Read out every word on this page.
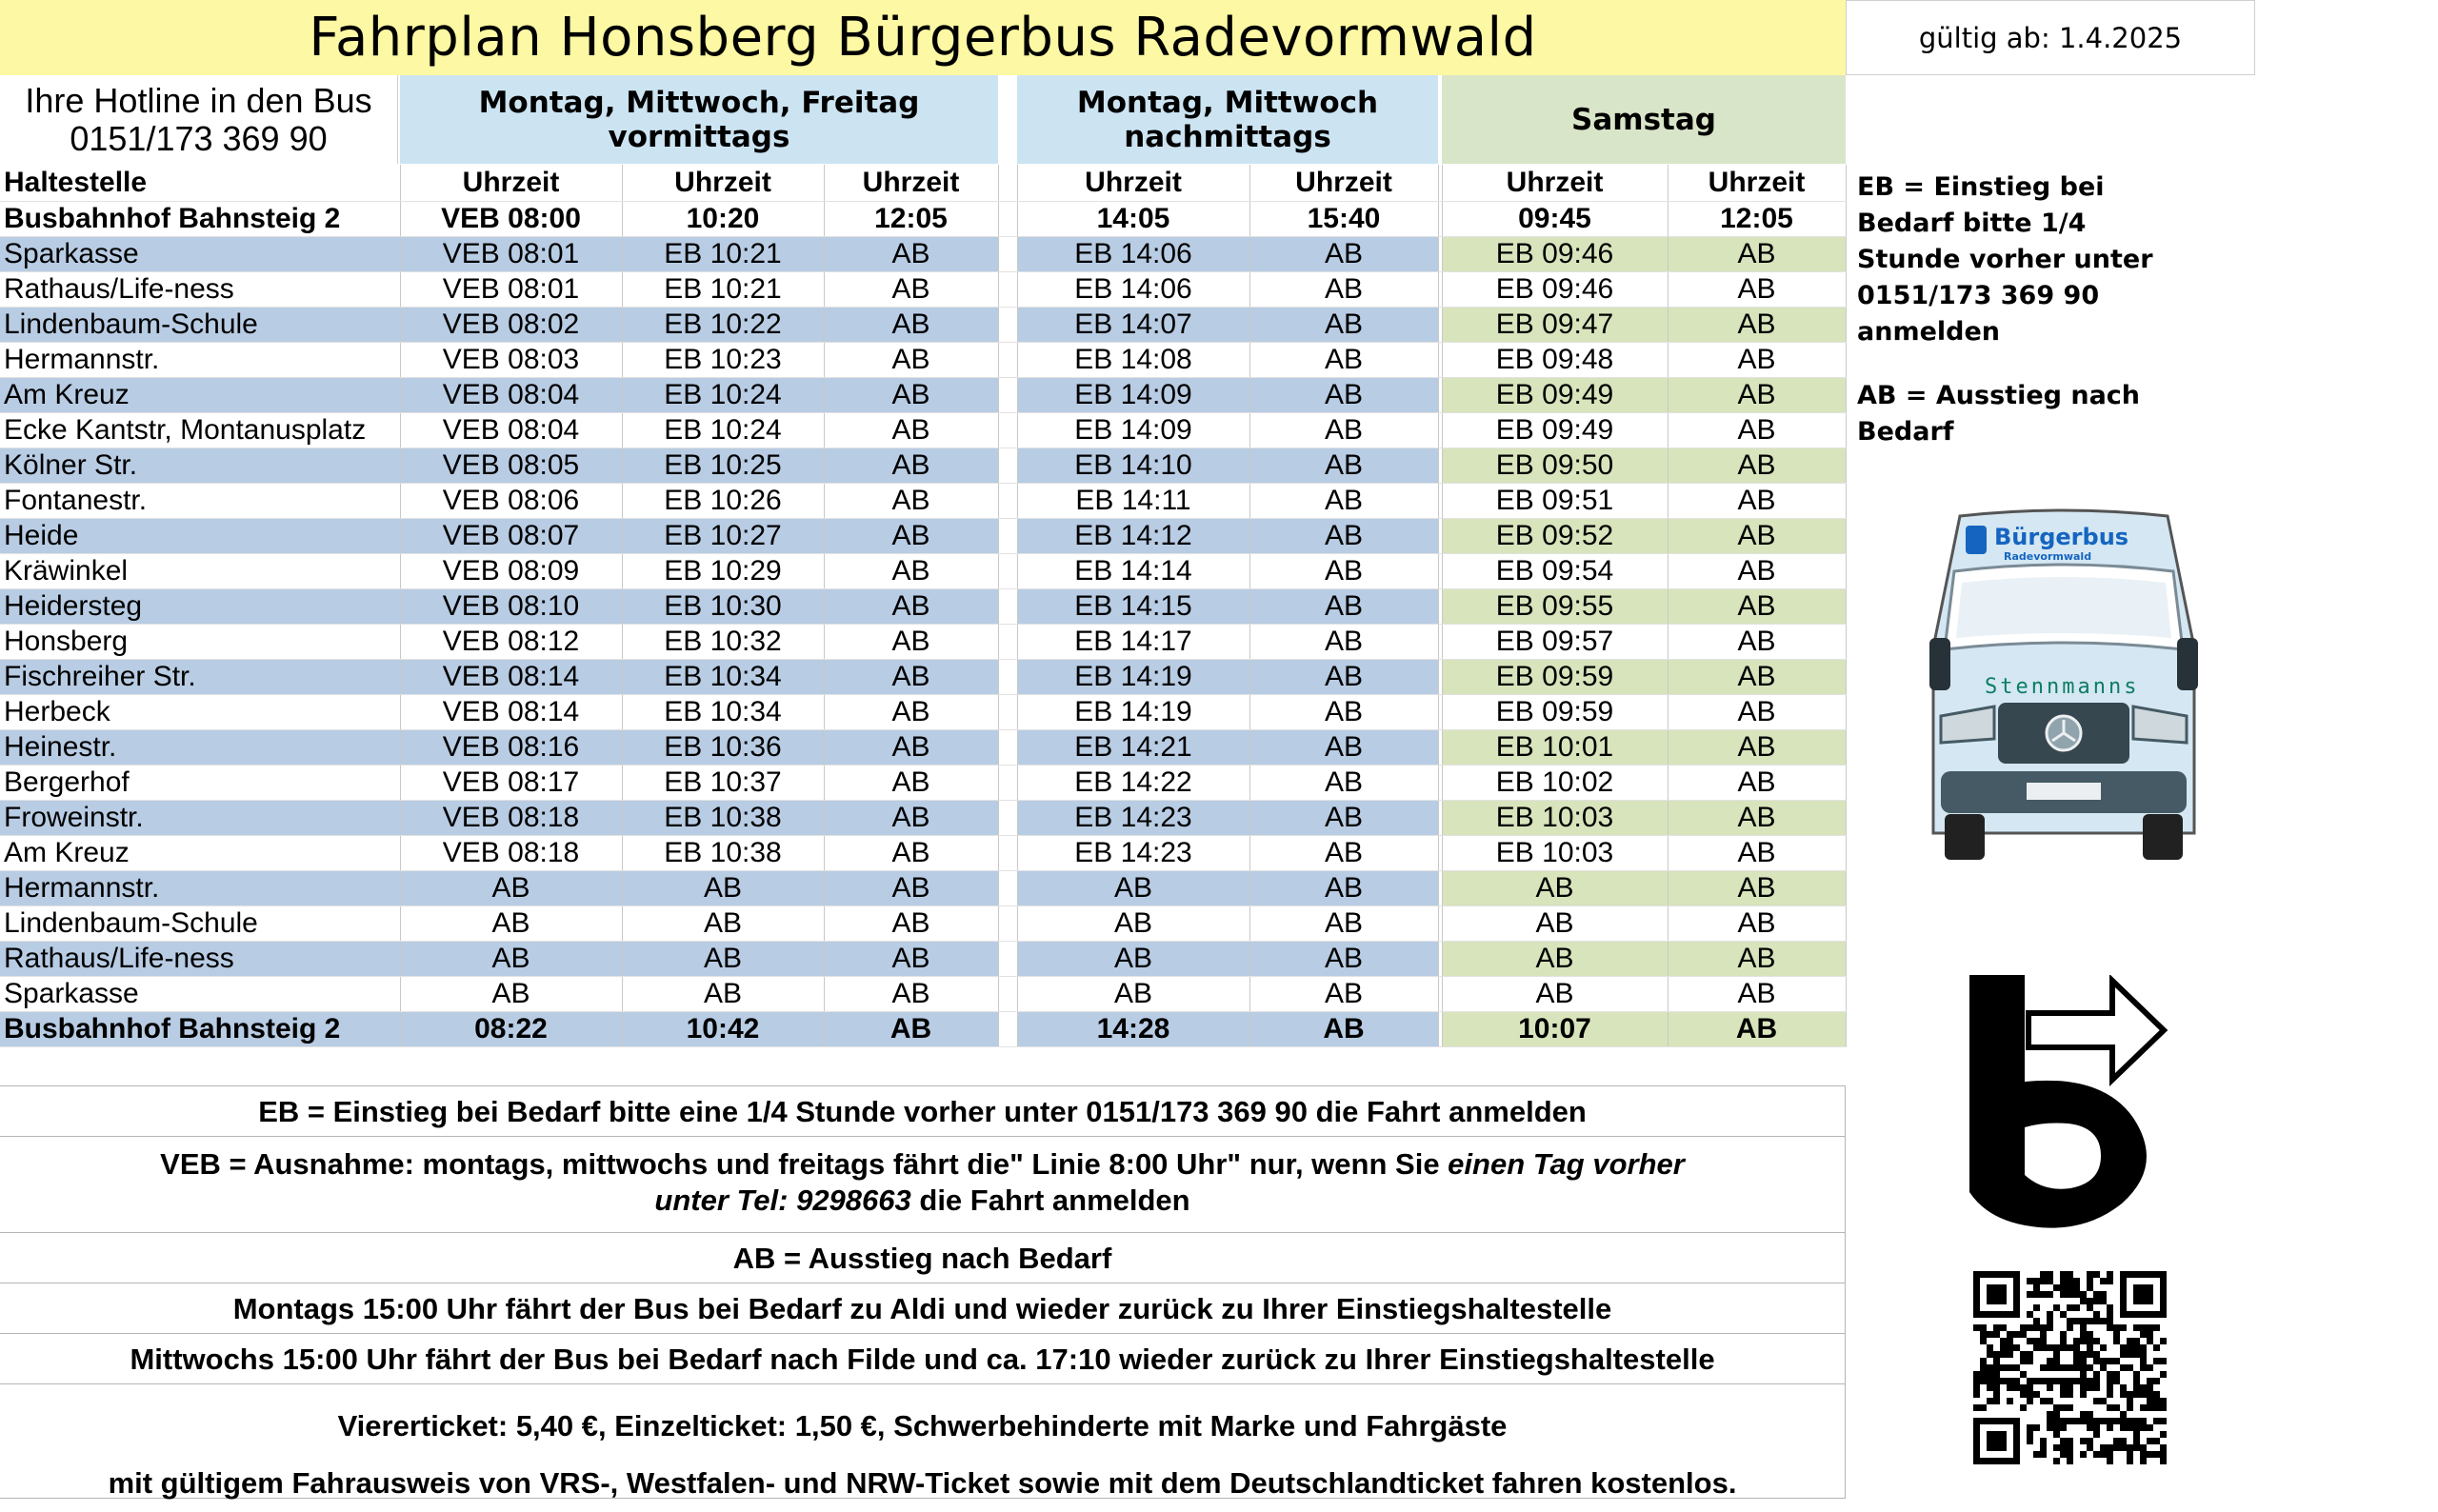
Fahrplan Honsberg Bürgerbus Radevormwald	gültig ab: 1.4.2025
Ihre Hotline in den Bus
0151/173 369 90
Montag, Mittwoch, Freitag
vormittags
Montag, Mittwoch
nachmittags	Samstag
Haltestelle	Uhrzeit	Uhrzeit	Uhrzeit		Uhrzeit	Uhrzeit		Uhrzeit	Uhrzeit
Busbahnhof Bahnsteig 2	VEB 08:00	10:20	12:05		14:05	15:40		09:45	12:05
Sparkasse	VEB 08:01	EB 10:21	AB		EB 14:06	AB		EB 09:46	AB
Rathaus/Life-ness	VEB 08:01	EB 10:21	AB		EB 14:06	AB		EB 09:46	AB
Lindenbaum-Schule	VEB 08:02	EB 10:22	AB		EB 14:07	AB		EB 09:47	AB
Hermannstr.	VEB 08:03	EB 10:23	AB		EB 14:08	AB		EB 09:48	AB
Am Kreuz	VEB 08:04	EB 10:24	AB		EB 14:09	AB		EB 09:49	AB
Ecke Kantstr, Montanusplatz	VEB 08:04	EB 10:24	AB		EB 14:09	AB		EB 09:49	AB
Kölner Str.	VEB 08:05	EB 10:25	AB		EB 14:10	AB		EB 09:50	AB
Fontanestr.	VEB 08:06	EB 10:26	AB		EB 14:11	AB		EB 09:51	AB
Heide	VEB 08:07	EB 10:27	AB		EB 14:12	AB		EB 09:52	AB
Kräwinkel	VEB 08:09	EB 10:29	AB		EB 14:14	AB		EB 09:54	AB
Heidersteg	VEB 08:10	EB 10:30	AB		EB 14:15	AB		EB 09:55	AB
Honsberg	VEB 08:12	EB 10:32	AB		EB 14:17	AB		EB 09:57	AB
Fischreiher Str.	VEB 08:14	EB 10:34	AB		EB 14:19	AB		EB 09:59	AB
Herbeck	VEB 08:14	EB 10:34	AB		EB 14:19	AB		EB 09:59	AB
Heinestr.	VEB 08:16	EB 10:36	AB		EB 14:21	AB		EB 10:01	AB
Bergerhof	VEB 08:17	EB 10:37	AB		EB 14:22	AB		EB 10:02	AB
Froweinstr.	VEB 08:18	EB 10:38	AB		EB 14:23	AB		EB 10:03	AB
Am Kreuz	VEB 08:18	EB 10:38	AB		EB 14:23	AB		EB 10:03	AB
Hermannstr.	AB	AB	AB		AB	AB		AB	AB
Lindenbaum-Schule	AB	AB	AB		AB	AB		AB	AB
Rathaus/Life-ness	AB	AB	AB		AB	AB		AB	AB
Sparkasse	AB	AB	AB		AB	AB		AB	AB
Busbahnhof Bahnsteig 2	08:22	10:42	AB		14:28	AB		10:07	AB
EB = Einstieg bei Bedarf bitte eine 1/4 Stunde vorher unter 0151/173 369 90 die Fahrt anmelden
VEB = Ausnahme: montags, mittwochs und freitags fährt die" Linie 8:00 Uhr" nur, wenn Sie einen Tag vorher
unter Tel: 9298663 die Fahrt anmelden
AB = Ausstieg nach Bedarf
Montags 15:00 Uhr fährt der Bus bei Bedarf zu Aldi und wieder zurück zu Ihrer Einstiegshaltestelle
Mittwochs 15:00 Uhr fährt der Bus bei Bedarf nach Filde und ca. 17:10 wieder zurück zu Ihrer Einstiegshaltestelle
Viererticket: 5,40 €, Einzelticket: 1,50 €, Schwerbehinderte mit Marke und Fahrgäste
mit gültigem Fahrausweis von VRS-, Westfalen- und NRW-Ticket sowie mit dem Deutschlandticket fahren kostenlos.

EB = Einstieg bei Bedarf bitte 1/4 Stunde vorher unter 0151/173 369 90 anmelden

AB = Ausstieg nach Bedarf

Bürgerbus
Radevormwald
Stennmanns
